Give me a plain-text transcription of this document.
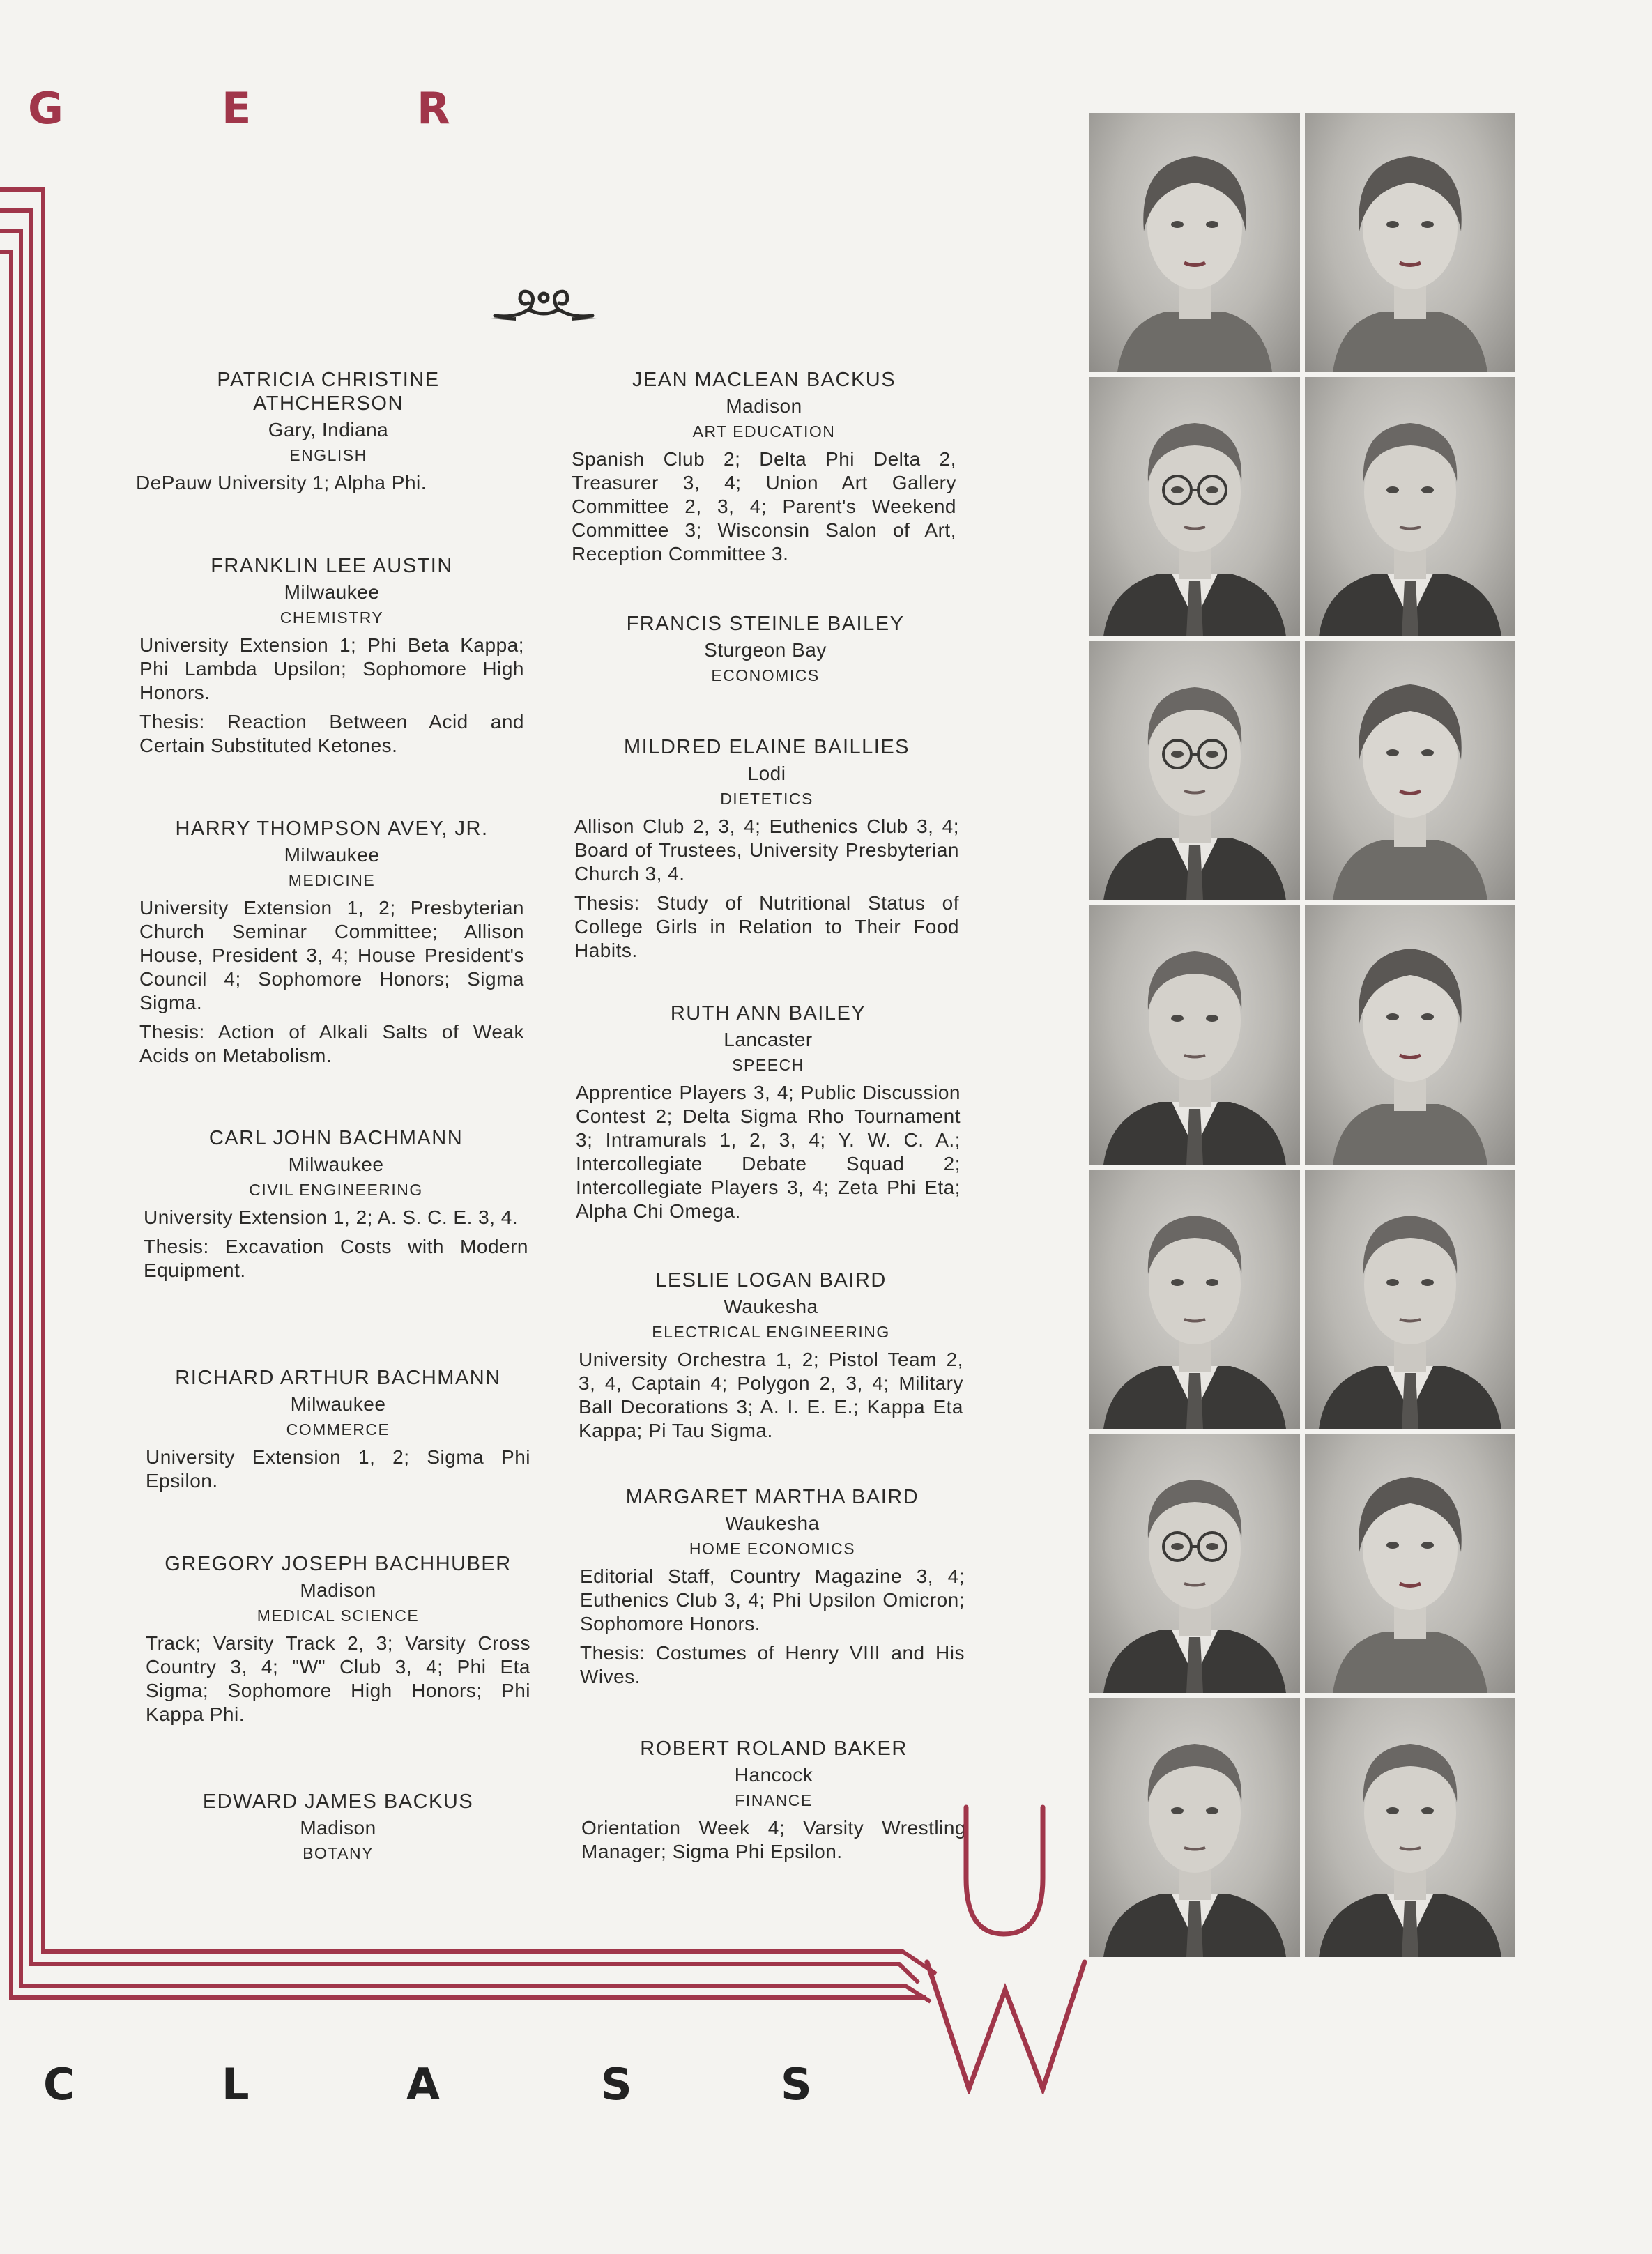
G	E	R
PATRICIA CHRISTINE ATHCHERSON
Gary, Indiana
ENGLISH
DePauw University 1; Alpha Phi.
FRANKLIN LEE AUSTIN
Milwaukee
CHEMISTRY
University Extension 1; Phi Beta Kappa; Phi Lambda Upsilon; Sophomore High Honors.
Thesis: Reaction Between Acid and Certain Substituted Ketones.
HARRY THOMPSON AVEY, JR.
Milwaukee
MEDICINE
University Extension 1, 2; Presbyterian Church Seminar Committee; Allison House, President 3, 4; House President's Council 4; Sophomore Honors; Sigma Sigma.
Thesis: Action of Alkali Salts of Weak Acids on Metabolism.
CARL JOHN BACHMANN
Milwaukee
CIVIL ENGINEERING
University Extension 1, 2; A. S. C. E. 3, 4.
Thesis: Excavation Costs with Modern Equipment.
RICHARD ARTHUR BACHMANN
Milwaukee
COMMERCE
University Extension 1, 2; Sigma Phi Epsilon.
GREGORY JOSEPH BACHHUBER
Madison
MEDICAL SCIENCE
Track; Varsity Track 2, 3; Varsity Cross Country 3, 4; "W" Club 3, 4; Phi Eta Sigma; Sophomore High Honors; Phi Kappa Phi.
EDWARD JAMES BACKUS
Madison
BOTANY
JEAN MACLEAN BACKUS
Madison
ART EDUCATION
Spanish Club 2; Delta Phi Delta 2, Treasurer 3, 4; Union Art Gallery Committee 2, 3, 4; Parent's Weekend Committee 3; Wisconsin Salon of Art, Reception Committee 3.
FRANCIS STEINLE BAILEY
Sturgeon Bay
ECONOMICS
MILDRED ELAINE BAILLIES
Lodi
DIETETICS
Allison Club 2, 3, 4; Euthenics Club 3, 4; Board of Trustees, University Presbyterian Church 3, 4.
Thesis: Study of Nutritional Status of College Girls in Relation to Their Food Habits.
RUTH ANN BAILEY
Lancaster
SPEECH
Apprentice Players 3, 4; Public Discussion Contest 2; Delta Sigma Rho Tournament 3; Intramurals 1, 2, 3, 4; Y. W. C. A.; Intercollegiate Debate Squad 2; Intercollegiate Players 3, 4; Zeta Phi Eta; Alpha Chi Omega.
LESLIE LOGAN BAIRD
Waukesha
ELECTRICAL ENGINEERING
University Orchestra 1, 2; Pistol Team 2, 3, 4, Captain 4; Polygon 2, 3, 4; Military Ball Decorations 3; A. I. E. E.; Kappa Eta Kappa; Pi Tau Sigma.
MARGARET MARTHA BAIRD
Waukesha
HOME ECONOMICS
Editorial Staff, Country Magazine 3, 4; Euthenics Club 3, 4; Phi Upsilon Omicron; Sophomore Honors.
Thesis: Costumes of Henry VIII and His Wives.
ROBERT ROLAND BAKER
Hancock
FINANCE
Orientation Week 4; Varsity Wrestling Manager; Sigma Phi Epsilon.
C	L	A	S	S
